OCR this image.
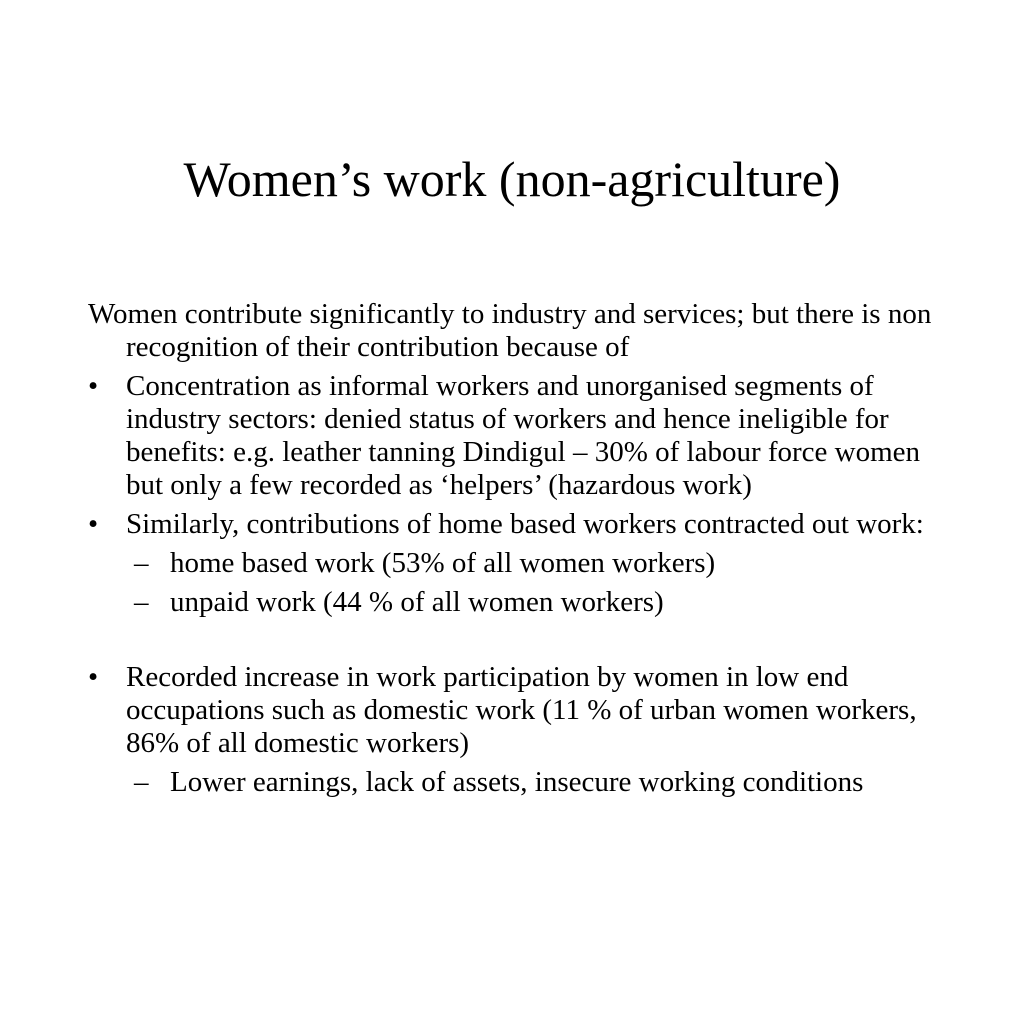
Women’s work (non-agriculture)

Women contribute significantly to industry and services; but there is non recognition of their contribution because of

• Concentration as informal workers and unorganised segments of industry sectors: denied status of workers and hence ineligible for benefits: e.g. leather tanning Dindigul – 30% of labour force women but only a few recorded as ‘helpers’ (hazardous work)
• Similarly, contributions of home based workers contracted out work:
– home based work (53% of all women workers)
– unpaid work (44 % of all women workers)
• Recorded increase in work participation by women in low end occupations such as domestic work (11 % of urban women workers, 86% of all domestic workers)
– Lower earnings, lack of assets, insecure working conditions
